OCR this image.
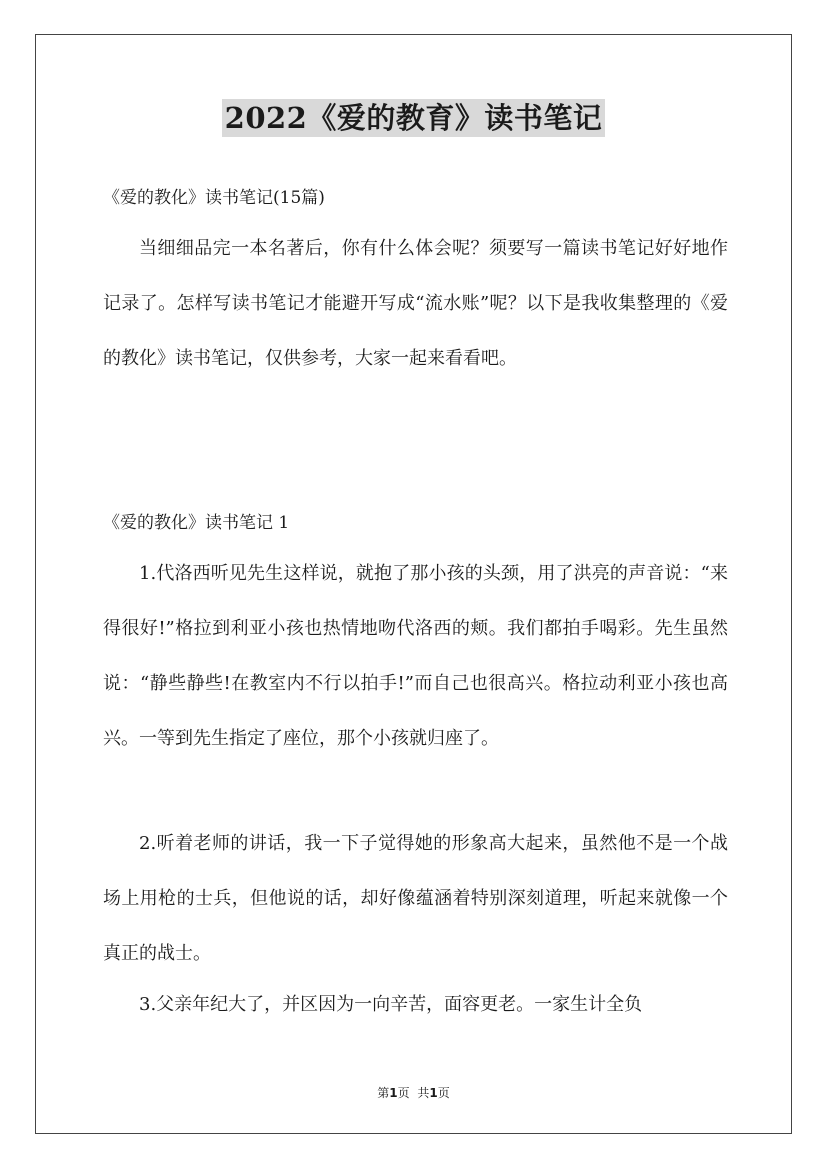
2022《爱的教育》读书笔记
《爱的教化》读书笔记(15篇)

当细细品完一本名著后，你有什么体会呢？须要写一篇读书笔记好好地作记录了。怎样写读书笔记才能避开写成“流水账”呢？以下是我收集整理的《爱的教化》读书笔记，仅供参考，大家一起来看看吧。

《爱的教化》读书笔记 1

1.代洛西听见先生这样说，就抱了那小孩的头颈，用了洪亮的声音说：“来得很好!”格拉到利亚小孩也热情地吻代洛西的颊。我们都拍手喝彩。先生虽然说：“静些静些!在教室内不行以拍手!”而自己也很高兴。格拉动利亚小孩也高兴。一等到先生指定了座位，那个小孩就归座了。

2.听着老师的讲话，我一下子觉得她的形象高大起来，虽然他不是一个战场上用枪的士兵，但他说的话，却好像蕴涵着特别深刻道理，听起来就像一个真正的战士。

3.父亲年纪大了，并区因为一向辛苦，面容更老。一家生计全负

第1页 共1页
